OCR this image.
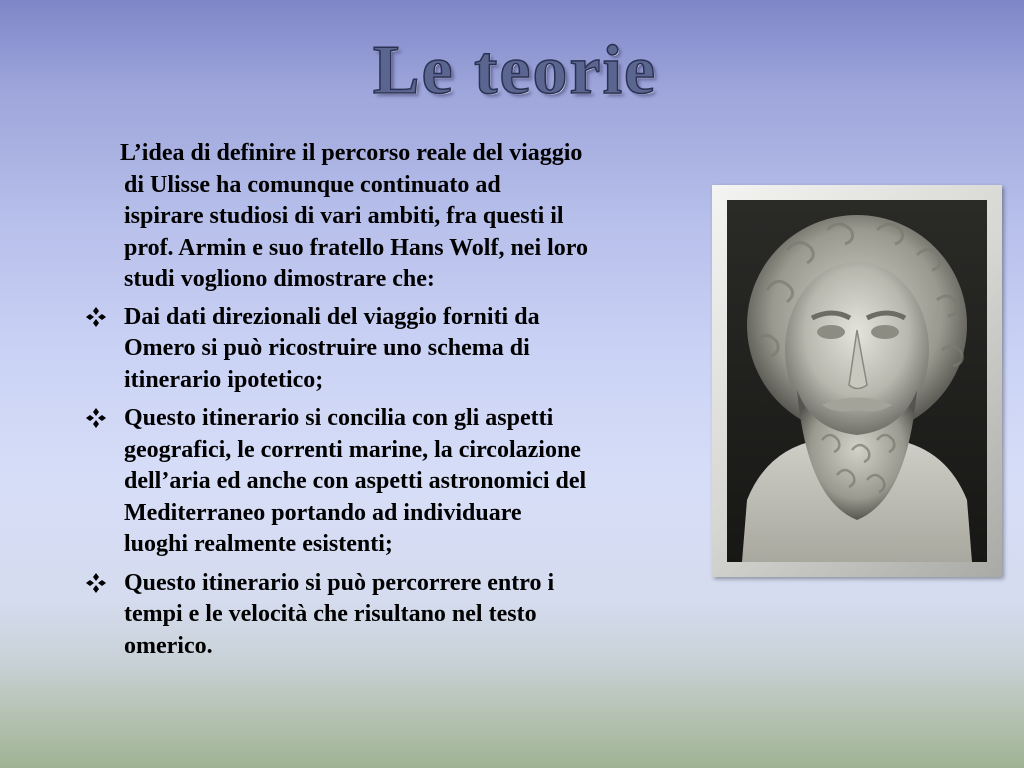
Le teorie
L’idea di definire il percorso reale del viaggio
di Ulisse ha comunque continuato ad
ispirare studiosi di vari ambiti, fra questi il
prof. Armin e suo fratello Hans Wolf, nei loro
studi vogliono dimostrare che:
Dai dati direzionali del viaggio forniti da
Omero si può ricostruire uno schema di
itinerario ipotetico;
Questo itinerario si concilia con gli aspetti
geografici, le correnti marine, la circolazione
dell’aria ed anche con aspetti astronomici del
Mediterraneo portando ad individuare
luoghi realmente esistenti;
Questo itinerario si può percorrere entro i
tempi e le velocità che risultano nel testo
omerico.
